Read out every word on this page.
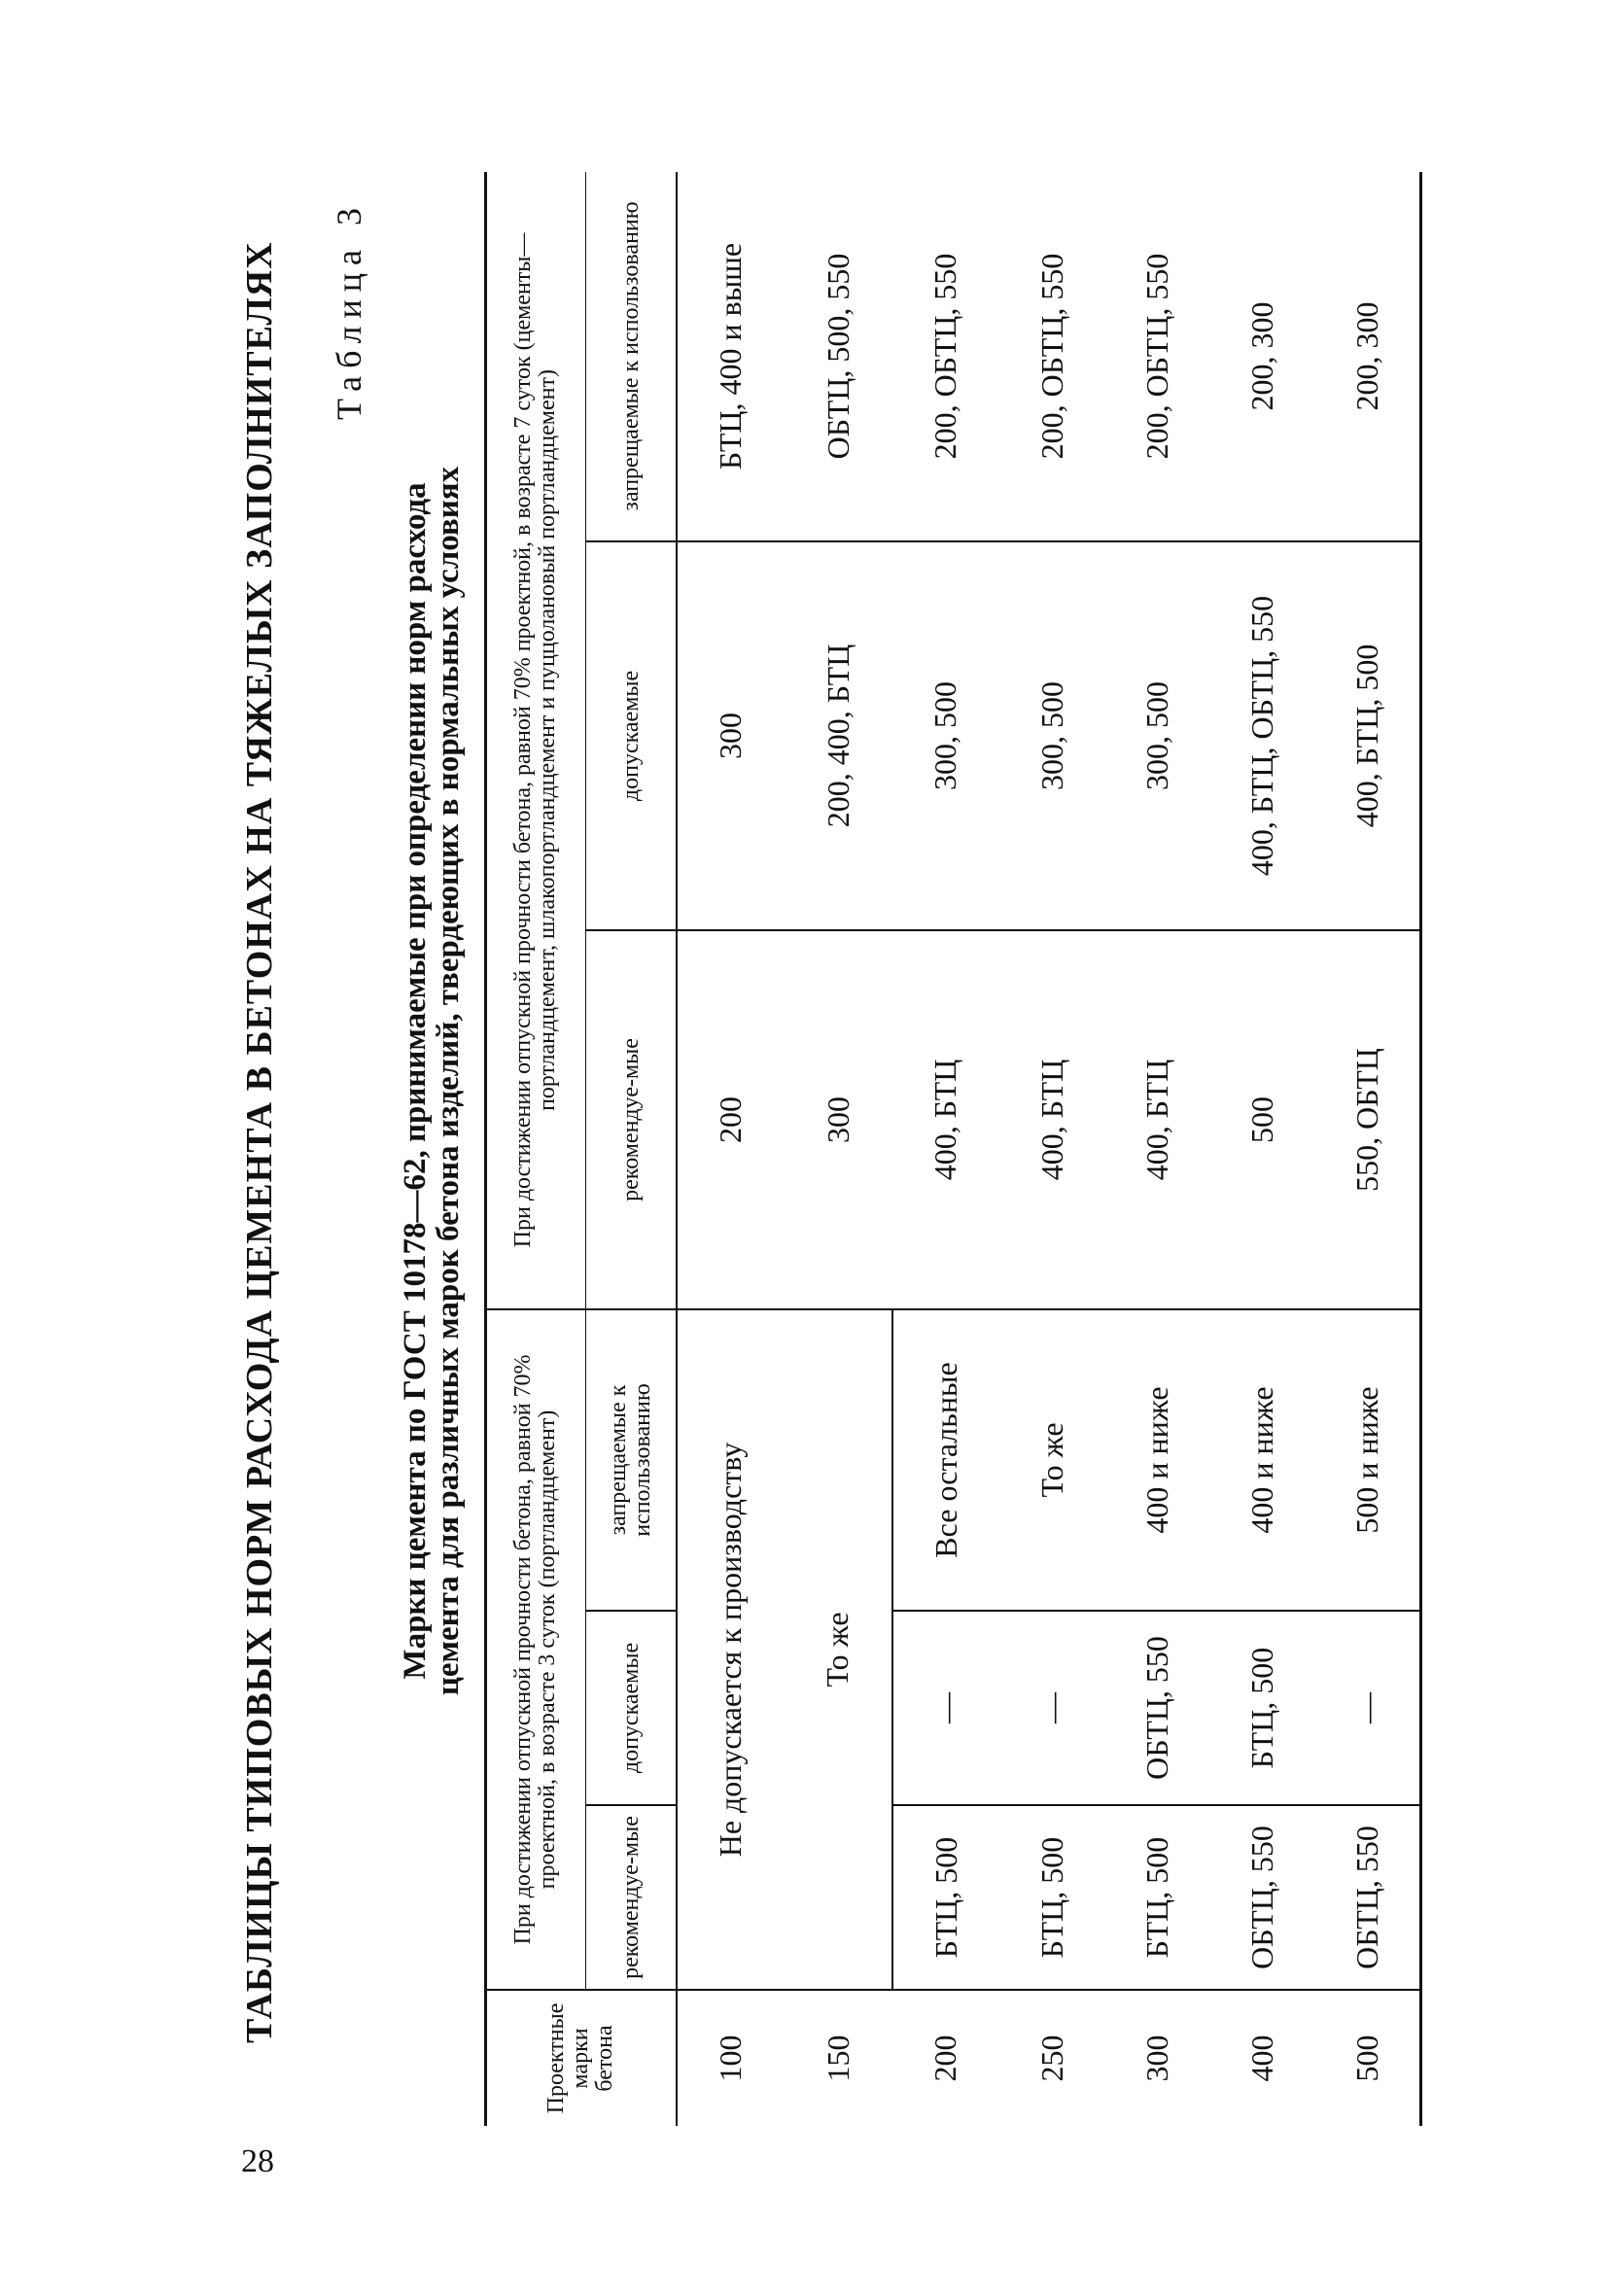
28
ТАБЛИЦЫ ТИПОВЫХ НОРМ РАСХОДА ЦЕМЕНТА В БЕТОНАХ НА ТЯЖЕЛЫХ ЗАПОЛНИТЕЛЯХ Таблица 3
Марки цемента по ГОСТ 10178—62, принимаемые при определении норм расхода
цемента для различных марок бетона изделий, твердеющих в нормальных условиях
Проектные марки бетона	При достижении отпускной прочности бетона, равной 70% проектной, в возрасте 3 суток (портландцемент)			При достижении отпускной прочности бетона, равной 70% проектной, в возрасте 7 суток (цементы—портландцемент, шлакопортландцемент и пуццолановый портландцемент)		
	рекомендуе-мые	допускаемые	запрещаемые к использованию	рекомендуе-мые	допускаемые	запрещаемые к использованию
100	Не допускается к производству			200	300	БТЦ, 400 и выше
150	То же			300	200, 400, БТЦ	ОБТЦ, 500, 550
200	БТЦ, 500	—	Все остальные	400, БТЦ	300, 500	200, ОБТЦ, 550
250	БТЦ, 500	—	То же	400, БТЦ	300, 500	200, ОБТЦ, 550
300	БТЦ, 500	ОБТЦ, 550	400 и ниже	400, БТЦ	300, 500	200, ОБТЦ, 550
400	ОБТЦ, 550	БТЦ, 500	400 и ниже	500	400, БТЦ, ОБТЦ, 550	200, 300
500	ОБТЦ, 550	—	500 и ниже	550, ОБТЦ	400, БТЦ, 500	200, 300
